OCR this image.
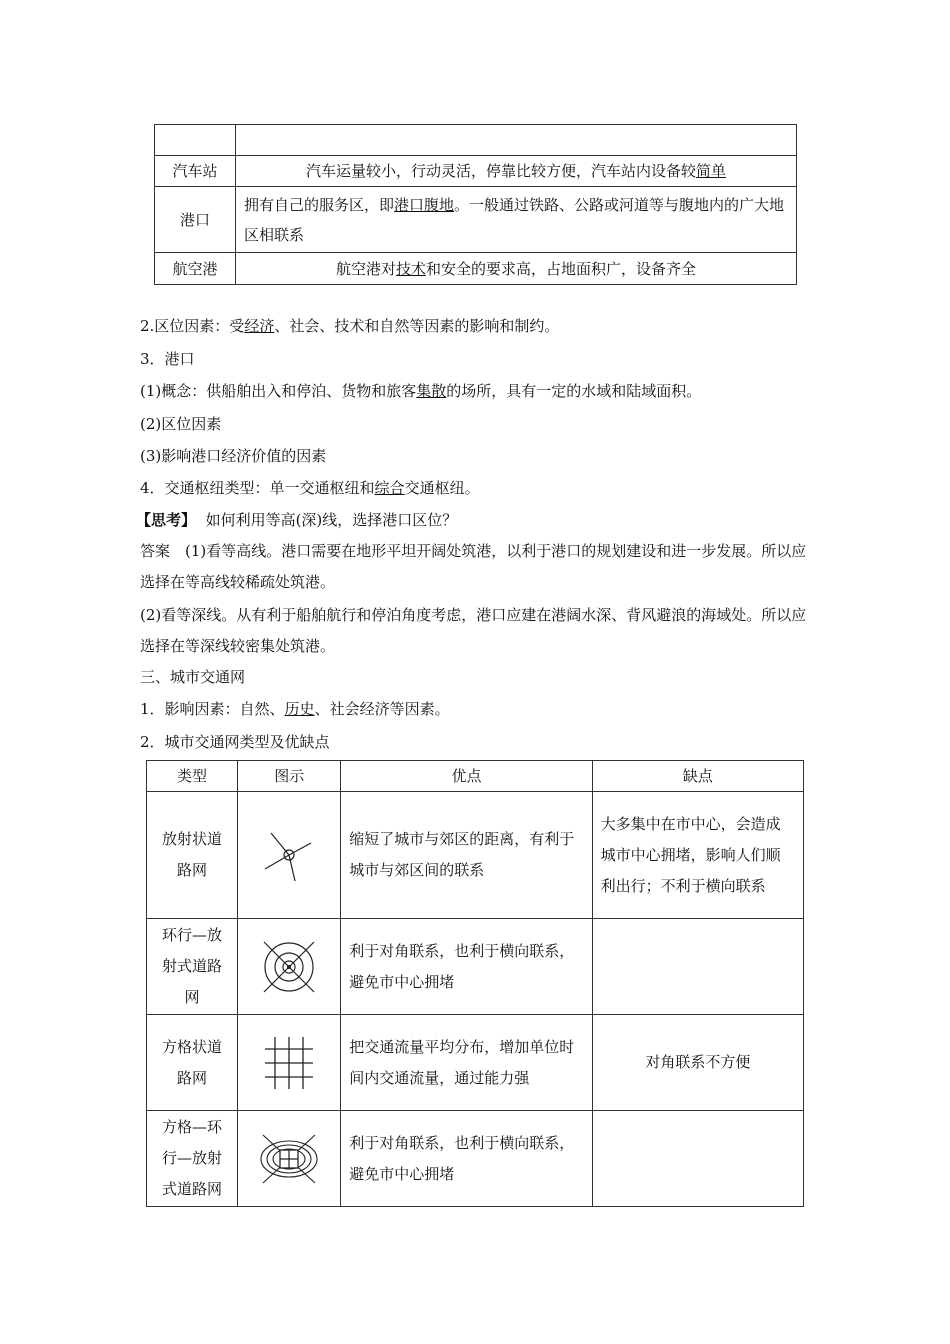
汽车站	汽车运量较小，行动灵活，停靠比较方便，汽车站内设备较简单
港口	拥有自己的服务区，即港口腹地。一般通过铁路、公路或河道等与腹地内的广大地区相联系
航空港	航空港对技术和安全的要求高，占地面积广，设备齐全

2.区位因素：受经济、社会、技术和自然等因素的影响和制约。

3．港口

(1)概念：供船舶出入和停泊、货物和旅客集散的场所，具有一定的水域和陆域面积。

(2)区位因素

(3)影响港口经济价值的因素

4．交通枢纽类型：单一交通枢纽和综合交通枢纽。

【思考】 如何利用等高(深)线，选择港口区位？

答案　(1)看等高线。港口需要在地形平坦开阔处筑港，以利于港口的规划建设和进一步发展。所以应选择在等高线较稀疏处筑港。

(2)看等深线。从有利于船舶航行和停泊角度考虑，港口应建在港阔水深、背风避浪的海域处。所以应选择在等深线较密集处筑港。

三、城市交通网

1．影响因素：自然、历史、社会经济等因素。

2．城市交通网类型及优缺点

类型	图示	优点	缺点
放射状道路网		缩短了城市与郊区的距离，有利于城市与郊区间的联系	大多集中在市中心，会造成城市中心拥堵，影响人们顺利出行；不利于横向联系
环行—放射式道路网		利于对角联系，也利于横向联系，避免市中心拥堵	
方格状道路网		把交通流量平均分布，增加单位时间内交通流量，通过能力强	对角联系不方便
方格—环行—放射式道路网		利于对角联系，也利于横向联系，避免市中心拥堵	
